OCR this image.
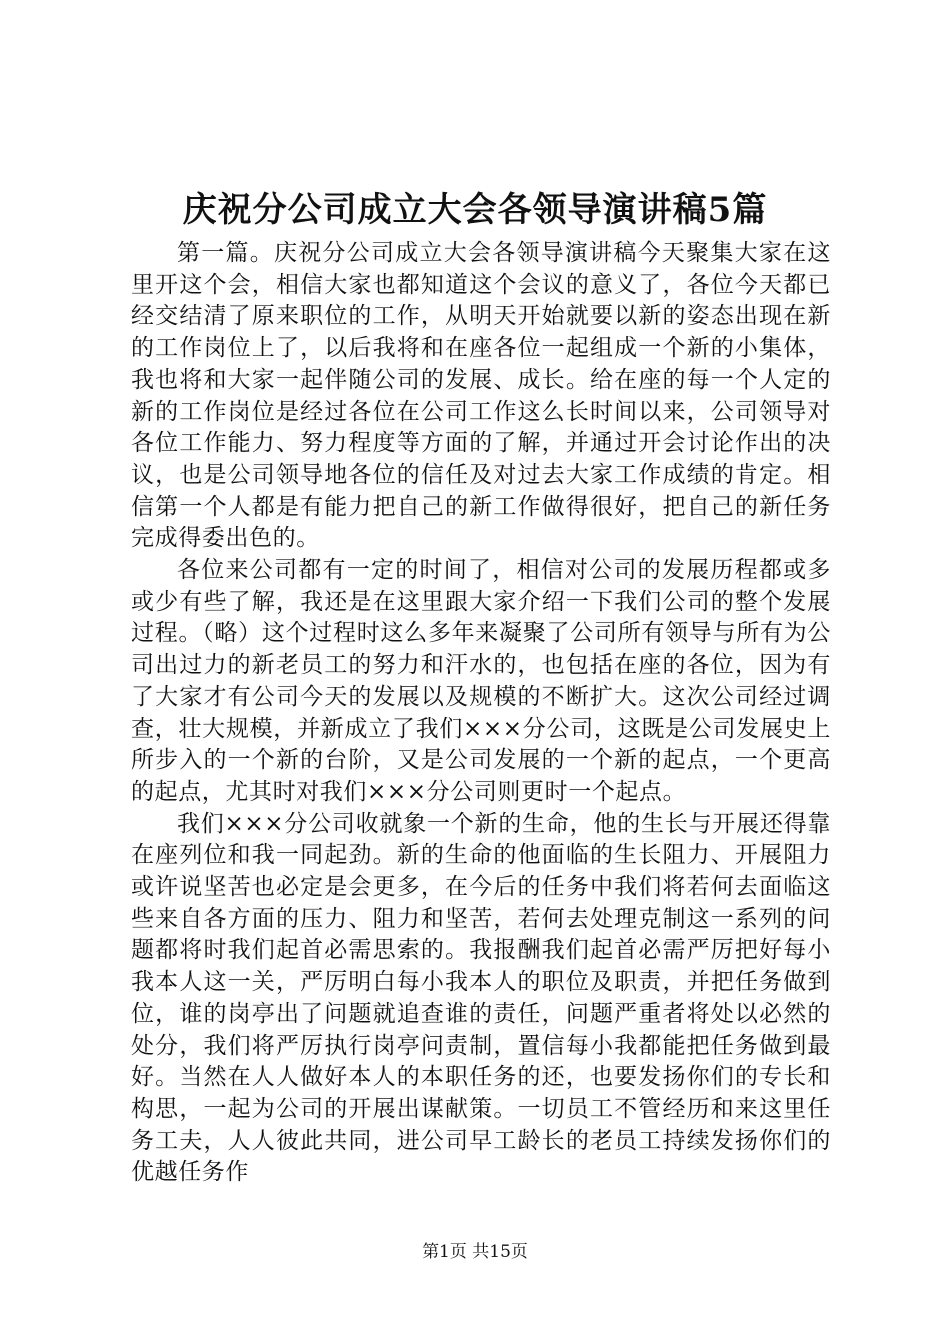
庆祝分公司成立大会各领导演讲稿5篇

第一篇。庆祝分公司成立大会各领导演讲稿今天聚集大家在这里开这个会，相信大家也都知道这个会议的意义了，各位今天都已经交结清了原来职位的工作，从明天开始就要以新的姿态出现在新的工作岗位上了，以后我将和在座各位一起组成一个新的小集体，我也将和大家一起伴随公司的发展、成长。给在座的每一个人定的新的工作岗位是经过各位在公司工作这么长时间以来，公司领导对各位工作能力、努力程度等方面的了解，并通过开会讨论作出的决议，也是公司领导地各位的信任及对过去大家工作成绩的肯定。相信第一个人都是有能力把自己的新工作做得很好，把自己的新任务完成得委出色的。

各位来公司都有一定的时间了，相信对公司的发展历程都或多或少有些了解，我还是在这里跟大家介绍一下我们公司的整个发展过程。（略）这个过程时这么多年来凝聚了公司所有领导与所有为公司出过力的新老员工的努力和汗水的，也包括在座的各位，因为有了大家才有公司今天的发展以及规模的不断扩大。这次公司经过调查，壮大规模，并新成立了我们×××分公司，这既是公司发展史上所步入的一个新的台阶，又是公司发展的一个新的起点，一个更高的起点，尤其时对我们×××分公司则更时一个起点。

我们×××分公司收就象一个新的生命，他的生长与开展还得靠在座列位和我一同起劲。新的生命的他面临的生长阻力、开展阻力或许说坚苦也必定是会更多，在今后的任务中我们将若何去面临这些来自各方面的压力、阻力和坚苦，若何去处理克制这一系列的问题都将时我们起首必需思索的。我报酬我们起首必需严厉把好每小我本人这一关，严厉明白每小我本人的职位及职责，并把任务做到位，谁的岗亭出了问题就追查谁的责任，问题严重者将处以必然的处分，我们将严厉执行岗亭问责制，置信每小我都能把任务做到最好。当然在人人做好本人的本职任务的还，也要发扬你们的专长和构思，一起为公司的开展出谋献策。一切员工不管经历和来这里任务工夫，人人彼此共同，进公司早工龄长的老员工持续发扬你们的优越任务作

第1页 共15页
